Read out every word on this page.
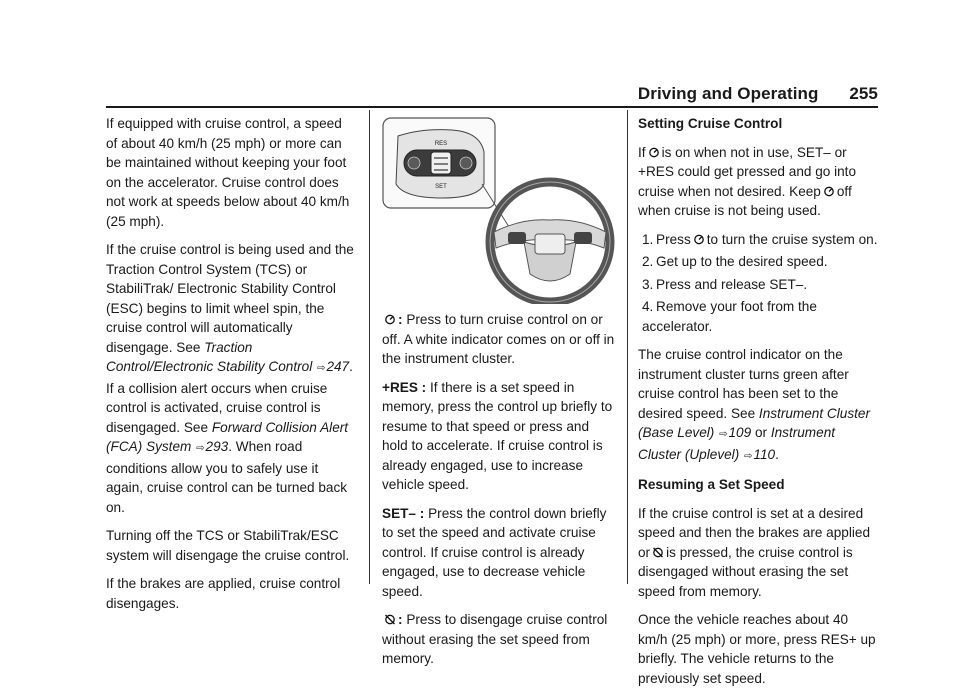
Driving and Operating 255

If equipped with cruise control, a speed of about 40 km/h (25 mph) or more can be maintained without keeping your foot on the accelerator. Cruise control does not work at speeds below about 40 km/h (25 mph).

If the cruise control is being used and the Traction Control System (TCS) or StabiliTrak/ Electronic Stability Control (ESC) begins to limit wheel spin, the cruise control will automatically disengage. See Traction Control/Electronic Stability Control ⇨247. If a collision alert occurs when cruise control is activated, cruise control is disengaged. See Forward Collision Alert (FCA) System ⇨293. When road conditions allow you to safely use it again, cruise control can be turned back on.

Turning off the TCS or StabiliTrak/ESC system will disengage the cruise control.

If the brakes are applied, cruise control disengages.

RES
SET

: Press to turn cruise control on or off. A white indicator comes on or off in the instrument cluster.

+RES : If there is a set speed in memory, press the control up briefly to resume to that speed or press and hold to accelerate. If cruise control is already engaged, use to increase vehicle speed.

SET– : Press the control down briefly to set the speed and activate cruise control. If cruise control is already engaged, use to decrease vehicle speed.

: Press to disengage cruise control without erasing the set speed from memory.

Setting Cruise Control

If is on when not in use, SET– or +RES could get pressed and go into cruise when not desired. Keep off when cruise is not being used.

1. Press to turn the cruise system on.
2. Get up to the desired speed.
3. Press and release SET–.
4. Remove your foot from the accelerator.

The cruise control indicator on the instrument cluster turns green after cruise control has been set to the desired speed. See Instrument Cluster (Base Level) ⇨109 or Instrument Cluster (Uplevel) ⇨110.

Resuming a Set Speed

If the cruise control is set at a desired speed and then the brakes are applied or is pressed, the cruise control is disengaged without erasing the set speed from memory.

Once the vehicle reaches about 40 km/h (25 mph) or more, press RES+ up briefly. The vehicle returns to the previously set speed.
